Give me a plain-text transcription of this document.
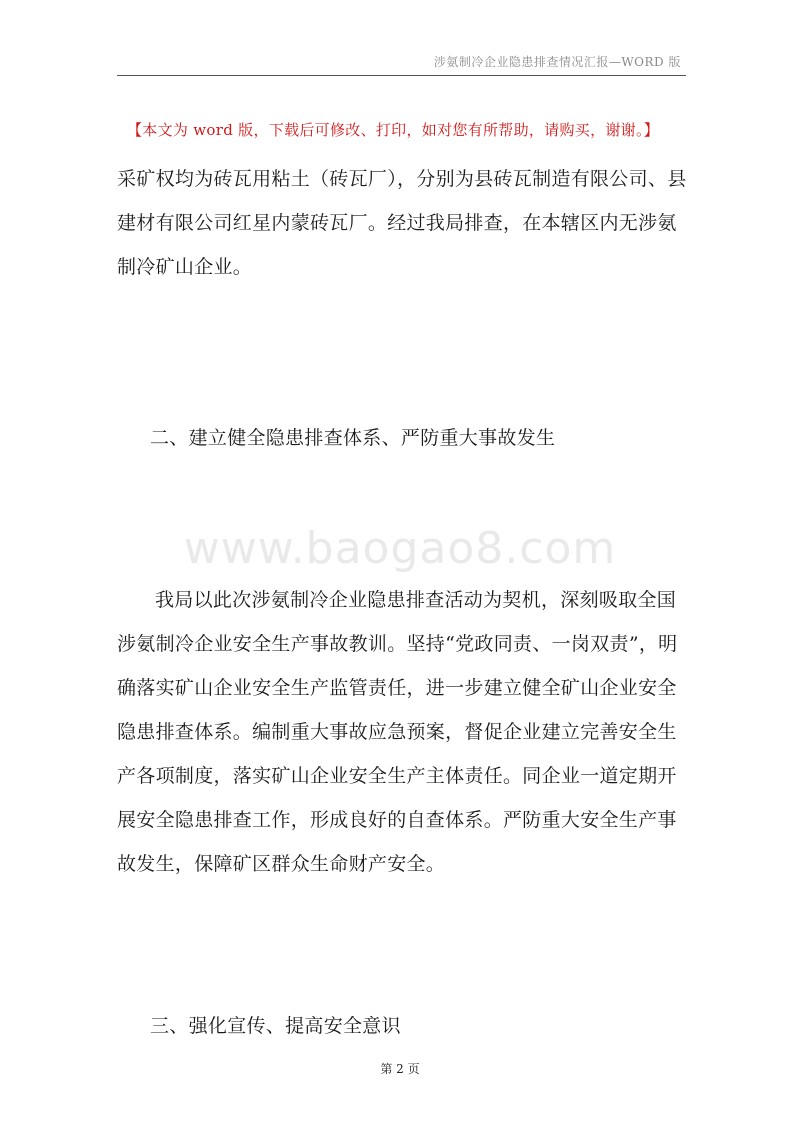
涉氨制冷企业隐患排查情况汇报—WORD 版
【本文为 word 版，下载后可修改、打印，如对您有所帮助，请购买，谢谢。】

采矿权均为砖瓦用粘土（砖瓦厂），分别为县砖瓦制造有限公司、县建材有限公司红星内蒙砖瓦厂。经过我局排查，在本辖区内无涉氨制冷矿山企业。

二、建立健全隐患排查体系、严防重大事故发生
www.baogao8.com

我局以此次涉氨制冷企业隐患排查活动为契机，深刻吸取全国涉氨制冷企业安全生产事故教训。坚持“党政同责、一岗双责”，明确落实矿山企业安全生产监管责任，进一步建立健全矿山企业安全隐患排查体系。编制重大事故应急预案，督促企业建立完善安全生产各项制度，落实矿山企业安全生产主体责任。同企业一道定期开展安全隐患排查工作，形成良好的自查体系。严防重大安全生产事故发生，保障矿区群众生命财产安全。

三、强化宣传、提高安全意识
第 2 页
